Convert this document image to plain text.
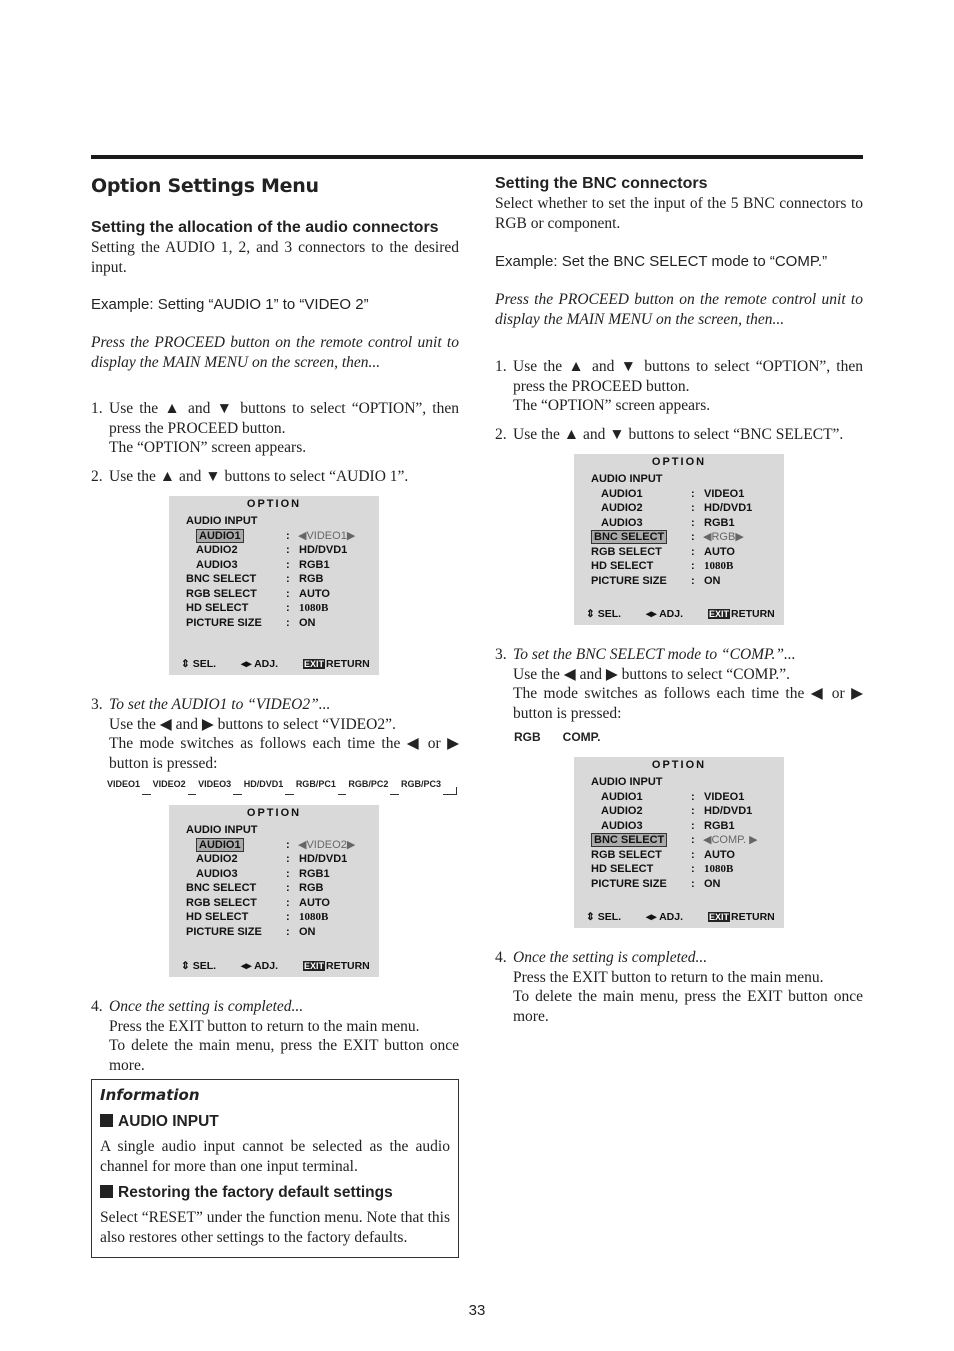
Option Settings Menu
Setting the allocation of the audio connectors
Setting the AUDIO 1, 2, and 3 connectors to the desired input.
Example: Setting “AUDIO 1” to “VIDEO 2”
Press the PROCEED button on the remote control unit to display the MAIN MENU on the screen, then...
1. Use the ▲ and ▼ buttons to select “OPTION”, then press the PROCEED button.
The “OPTION” screen appears.
2. Use the ▲ and ▼ buttons to select “AUDIO 1”.
OPTION
AUDIO INPUT
AUDIO1	: ◀VIDEO1▶
AUDIO2	: HD/DVD1
AUDIO3	: RGB1
BNC SELECT	: RGB
RGB SELECT	: AUTO
HD SELECT	: 1080B
PICTURE SIZE	: ON
⇕ SEL.	◂▸ ADJ.	EXIT RETURN
3. To set the AUDIO1 to “VIDEO2”...
Use the ◀ and ▶ buttons to select “VIDEO2”.
The mode switches as follows each time the ◀ or ▶ button is pressed:
VIDEO1 VIDEO2 VIDEO3 HD/DVD1 RGB/PC1 RGB/PC2 RGB/PC3
OPTION
AUDIO INPUT
AUDIO1	: ◀VIDEO2▶
AUDIO2	: HD/DVD1
AUDIO3	: RGB1
BNC SELECT	: RGB
RGB SELECT	: AUTO
HD SELECT	: 1080B
PICTURE SIZE	: ON
⇕ SEL.	◂▸ ADJ.	EXIT RETURN
4. Once the setting is completed...
Press the EXIT button to return to the main menu.
To delete the main menu, press the EXIT button once more.
Information
AUDIO INPUT
A single audio input cannot be selected as the audio channel for more than one input terminal.
Restoring the factory default settings
Select “RESET” under the function menu. Note that this also restores other settings to the factory defaults.
Setting the BNC connectors
Select whether to set the input of the 5 BNC connectors to RGB or component.
Example: Set the BNC SELECT mode to “COMP.”
Press the PROCEED button on the remote control unit to display the MAIN MENU on the screen, then...
1. Use the ▲ and ▼ buttons to select “OPTION”, then press the PROCEED button.
The “OPTION” screen appears.
2. Use the ▲ and ▼ buttons to select “BNC SELECT”.
OPTION
AUDIO INPUT
AUDIO1	: VIDEO1
AUDIO2	: HD/DVD1
AUDIO3	: RGB1
BNC SELECT	: ◀RGB▶
RGB SELECT	: AUTO
HD SELECT	: 1080B
PICTURE SIZE	: ON
⇕ SEL.	◂▸ ADJ.	EXIT RETURN
3. To set the BNC SELECT mode to “COMP.”...
Use the ◀ and ▶ buttons to select “COMP.”.
The mode switches as follows each time the ◀ or ▶ button is pressed:
RGB COMP.
OPTION
AUDIO INPUT
AUDIO1	: VIDEO1
AUDIO2	: HD/DVD1
AUDIO3	: RGB1
BNC SELECT	: ◀COMP. ▶
RGB SELECT	: AUTO
HD SELECT	: 1080B
PICTURE SIZE	: ON
⇕ SEL.	◂▸ ADJ.	EXIT RETURN
4. Once the setting is completed...
Press the EXIT button to return to the main menu.
To delete the main menu, press the EXIT button once more.
33
